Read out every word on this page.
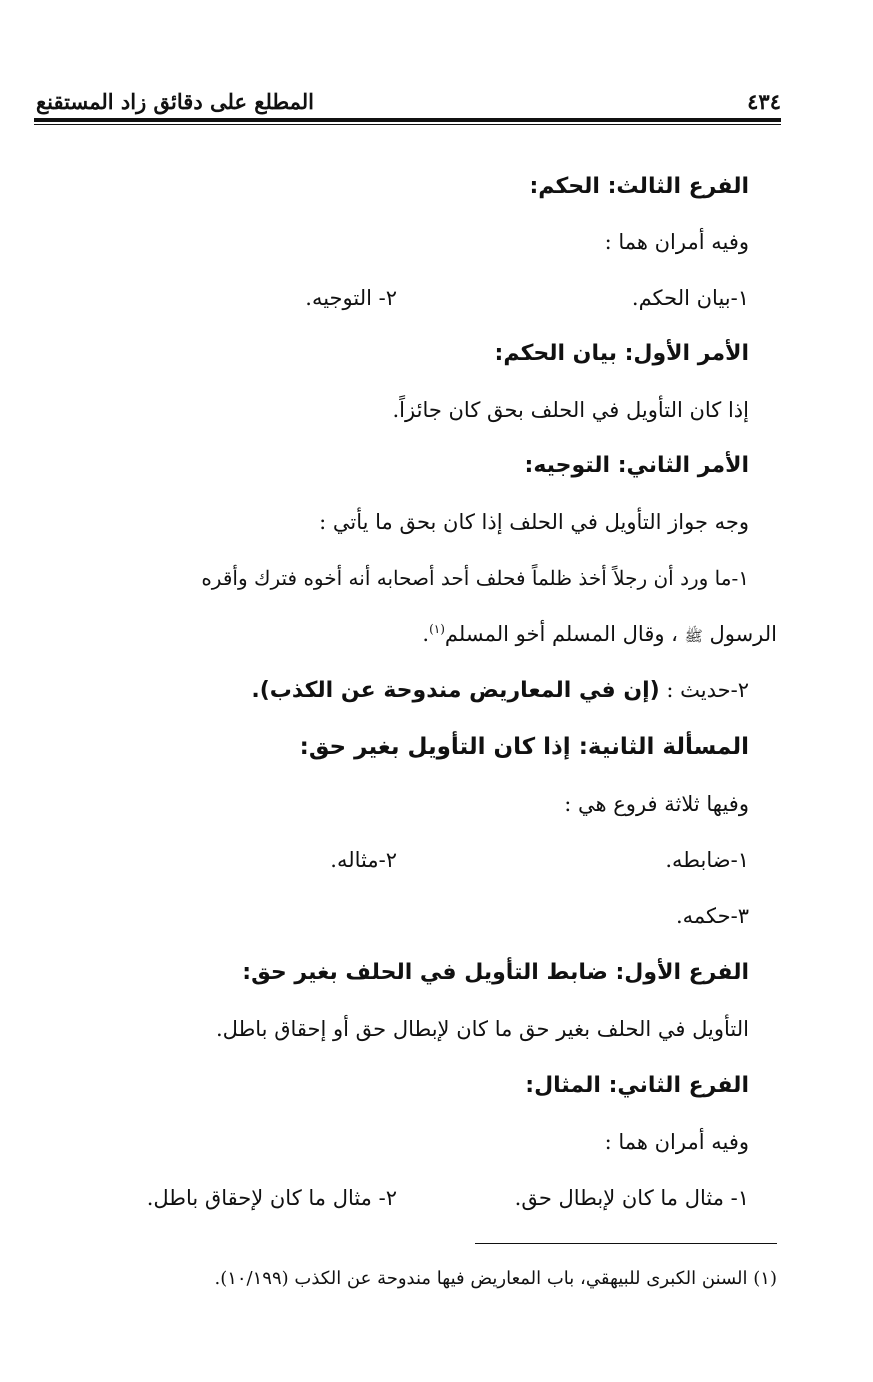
المطلع على دقائق زاد المستقنع	٤٣٤
الفرع الثالث: الحكم:
وفيه أمران هما :
١-بيان الحكم.
٢- التوجيه.
الأمر الأول: بيان الحكم:
إذا كان التأويل في الحلف بحق كان جائزاً.
الأمر الثاني: التوجيه:
وجه جواز التأويل في الحلف إذا كان بحق ما يأتي :
١-ما ورد أن رجلاً أخذ ظلماً فحلف أحد أصحابه أنه أخوه فترك وأقره
الرسول ﷺ ، وقال المسلم أخو المسلم$^{(١)}$.
٢-حديث : (إن في المعاريض مندوحة عن الكذب).
المسألة الثانية: إذا كان التأويل بغير حق:
وفيها ثلاثة فروع هي :
١-ضابطه.
٢-مثاله.
٣-حكمه.
الفرع الأول: ضابط التأويل في الحلف بغير حق:
التأويل في الحلف بغير حق ما كان لإبطال حق أو إحقاق باطل.
الفرع الثاني: المثال:
وفيه أمران هما :
١- مثال ما كان لإبطال حق.
٢- مثال ما كان لإحقاق باطل.
(١) السنن الكبرى للبيهقي، باب المعاريض فيها مندوحة عن الكذب (١٠/١٩٩).
